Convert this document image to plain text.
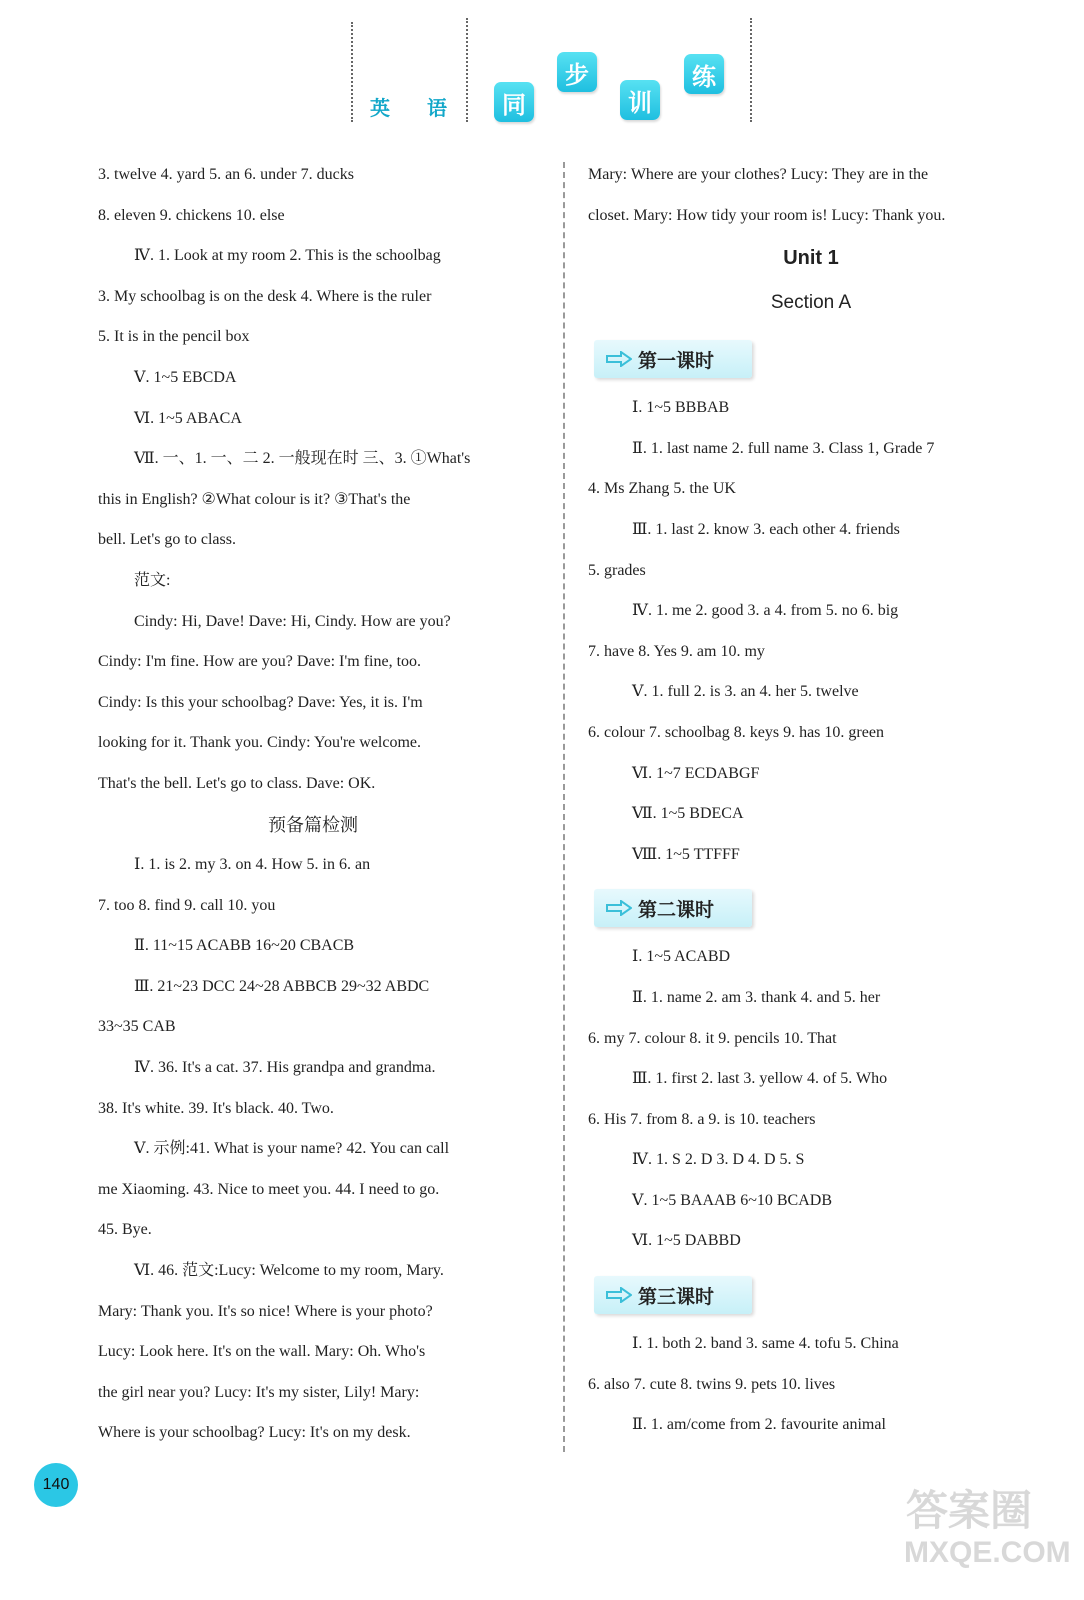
英 语	同
步
训
练
3. twelve 4. yard 5. an 6. under 7. ducks
8. eleven 9. chickens 10. else
Ⅳ. 1. Look at my room 2. This is the schoolbag
3. My schoolbag is on the desk 4. Where is the ruler
5. It is in the pencil box
Ⅴ. 1~5 EBCDA
Ⅵ. 1~5 ABACA
Ⅶ. 一、1. 一、二 2. 一般现在时 三、3. ①What's
this in English? ②What colour is it? ③That's the
bell. Let's go to class.
范文:
Cindy: Hi, Dave! Dave: Hi, Cindy. How are you?
Cindy: I'm fine. How are you? Dave: I'm fine, too.
Cindy: Is this your schoolbag? Dave: Yes, it is. I'm
looking for it. Thank you. Cindy: You're welcome.
That's the bell. Let's go to class. Dave: OK.
预备篇检测
Ⅰ. 1. is 2. my 3. on 4. How 5. in 6. an
7. too 8. find 9. call 10. you
Ⅱ. 11~15 ACABB 16~20 CBACB
Ⅲ. 21~23 DCC 24~28 ABBCB 29~32 ABDC
33~35 CAB
Ⅳ. 36. It's a cat. 37. His grandpa and grandma.
38. It's white. 39. It's black. 40. Two.
Ⅴ. 示例:41. What is your name? 42. You can call
me Xiaoming. 43. Nice to meet you. 44. I need to go.
45. Bye.
Ⅵ. 46. 范文:Lucy: Welcome to my room, Mary.
Mary: Thank you. It's so nice! Where is your photo?
Lucy: Look here. It's on the wall. Mary: Oh. Who's
the girl near you? Lucy: It's my sister, Lily! Mary:
Where is your schoolbag? Lucy: It's on my desk.
Mary: Where are your clothes? Lucy: They are in the
closet. Mary: How tidy your room is! Lucy: Thank you.
Unit 1
Section A
第一课时
Ⅰ. 1~5 BBBAB
Ⅱ. 1. last name 2. full name 3. Class 1, Grade 7
4. Ms Zhang 5. the UK
Ⅲ. 1. last 2. know 3. each other 4. friends
5. grades
Ⅳ. 1. me 2. good 3. a 4. from 5. no 6. big
7. have 8. Yes 9. am 10. my
Ⅴ. 1. full 2. is 3. an 4. her 5. twelve
6. colour 7. schoolbag 8. keys 9. has 10. green
Ⅵ. 1~7 ECDABGF
Ⅶ. 1~5 BDECA
Ⅷ. 1~5 TTFFF
第二课时
Ⅰ. 1~5 ACABD
Ⅱ. 1. name 2. am 3. thank 4. and 5. her
6. my 7. colour 8. it 9. pencils 10. That
Ⅲ. 1. first 2. last 3. yellow 4. of 5. Who
6. His 7. from 8. a 9. is 10. teachers
Ⅳ. 1. S 2. D 3. D 4. D 5. S
Ⅴ. 1~5 BAAAB 6~10 BCADB
Ⅵ. 1~5 DABBD
第三课时
Ⅰ. 1. both 2. band 3. same 4. tofu 5. China
6. also 7. cute 8. twins 9. pets 10. lives
Ⅱ. 1. am/come from 2. favourite animal
140
答案圈
MXQE.COM
